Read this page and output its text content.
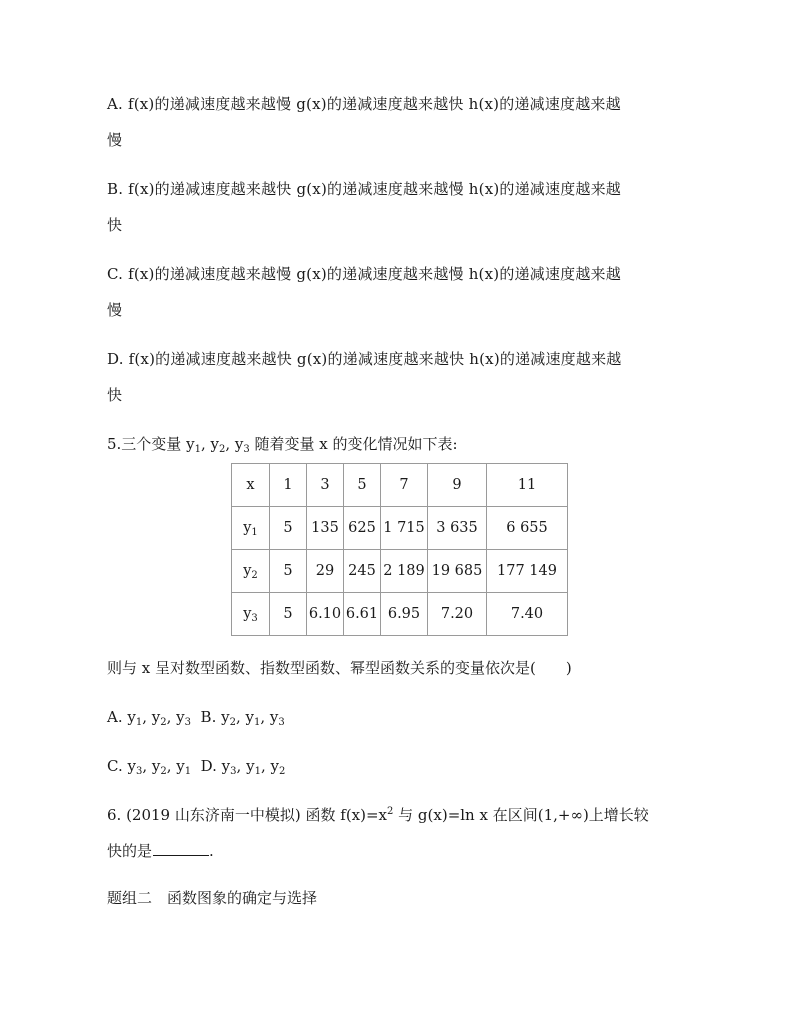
A. f(x)的递减速度越来越慢 g(x)的递减速度越来越快 h(x)的递减速度越来越
慢
B. f(x)的递减速度越来越快 g(x)的递减速度越来越慢 h(x)的递减速度越来越
快
C. f(x)的递减速度越来越慢 g(x)的递减速度越来越慢 h(x)的递减速度越来越
慢
D. f(x)的递减速度越来越快 g(x)的递减速度越来越快 h(x)的递减速度越来越
快
5.三个变量 $y_1$, $y_2$, $y_3$ 随着变量 x 的变化情况如下表:
x	1	3	5	7	9	11
$y_1$	5	135	625	1 715	3 635	6 655
$y_2$	5	29	245	2 189	19 685	177 149
$y_3$	5	6.10	6.61	6.95	7.20	7.40
则与 x 呈对数型函数、指数型函数、幂型函数关系的变量依次是( )
A. $y_1$, $y_2$, $y_3$ B. $y_2$, $y_1$, $y_3$
C. $y_3$, $y_2$, $y_1$ D. $y_3$, $y_1$, $y_2$
6. (2019 山东济南一中模拟) 函数 $f(x)=x^2$ 与 g(x)=ln x 在区间(1,+∞)上增长较
快的是	.
题组二　函数图象的确定与选择
